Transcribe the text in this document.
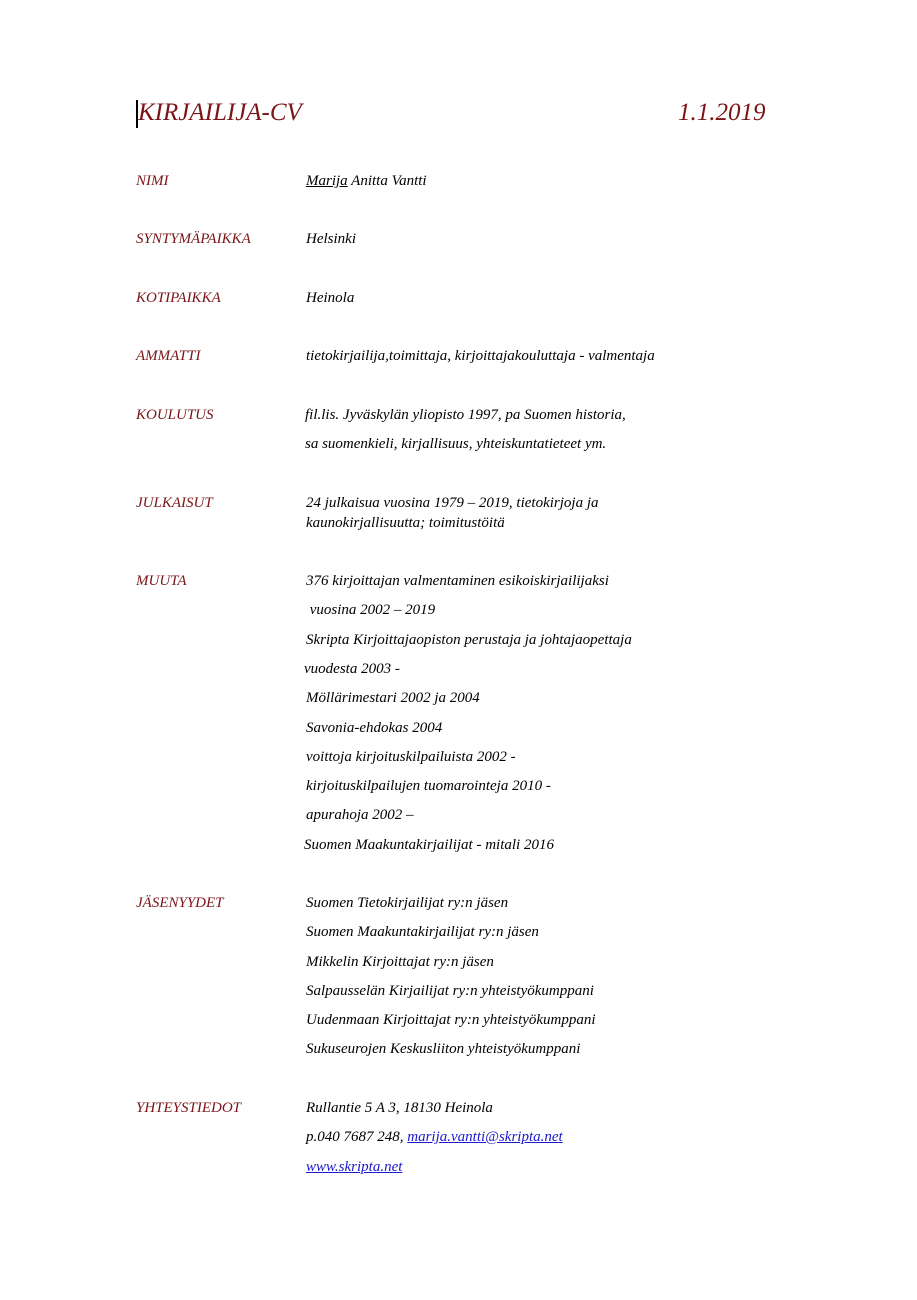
KIRJAILIJA-CV	1.1.2019
NIMI	Marija Anitta Vantti
SYNTYMÄPAIKKA	Helsinki
KOTIPAIKKA	Heinola
AMMATTI	tietokirjailija,toimittaja, kirjoittajakouluttaja - valmentaja
KOULUTUS	fil.lis. Jyväskylän yliopisto 1997, pa Suomen historia,
sa suomenkieli, kirjallisuus, yhteiskuntatieteet ym.
JULKAISUT	24 julkaisua vuosina 1979 – 2019, tietokirjoja ja
kaunokirjallisuutta; toimitustöitä
MUUTA	376 kirjoittajan valmentaminen esikoiskirjailijaksi
vuosina 2002 – 2019
Skripta Kirjoittajaopiston perustaja ja johtajaopettaja
vuodesta 2003 -
Möllärimestari 2002 ja 2004
Savonia-ehdokas 2004
voittoja kirjoituskilpailuista 2002 -
kirjoituskilpailujen tuomarointeja 2010 -
apurahoja 2002 –
Suomen Maakuntakirjailijat - mitali 2016
JÄSENYYDET	Suomen Tietokirjailijat ry:n jäsen
Suomen Maakuntakirjailijat ry:n jäsen
Mikkelin Kirjoittajat ry:n jäsen
Salpausselän Kirjailijat ry:n yhteistyökumppani
Uudenmaan Kirjoittajat ry:n yhteistyökumppani
Sukuseurojen Keskusliiton yhteistyökumppani
YHTEYSTIEDOT	Rullantie 5 A 3, 18130 Heinola
p.040 7687 248, marija.vantti@skripta.net
www.skripta.net
